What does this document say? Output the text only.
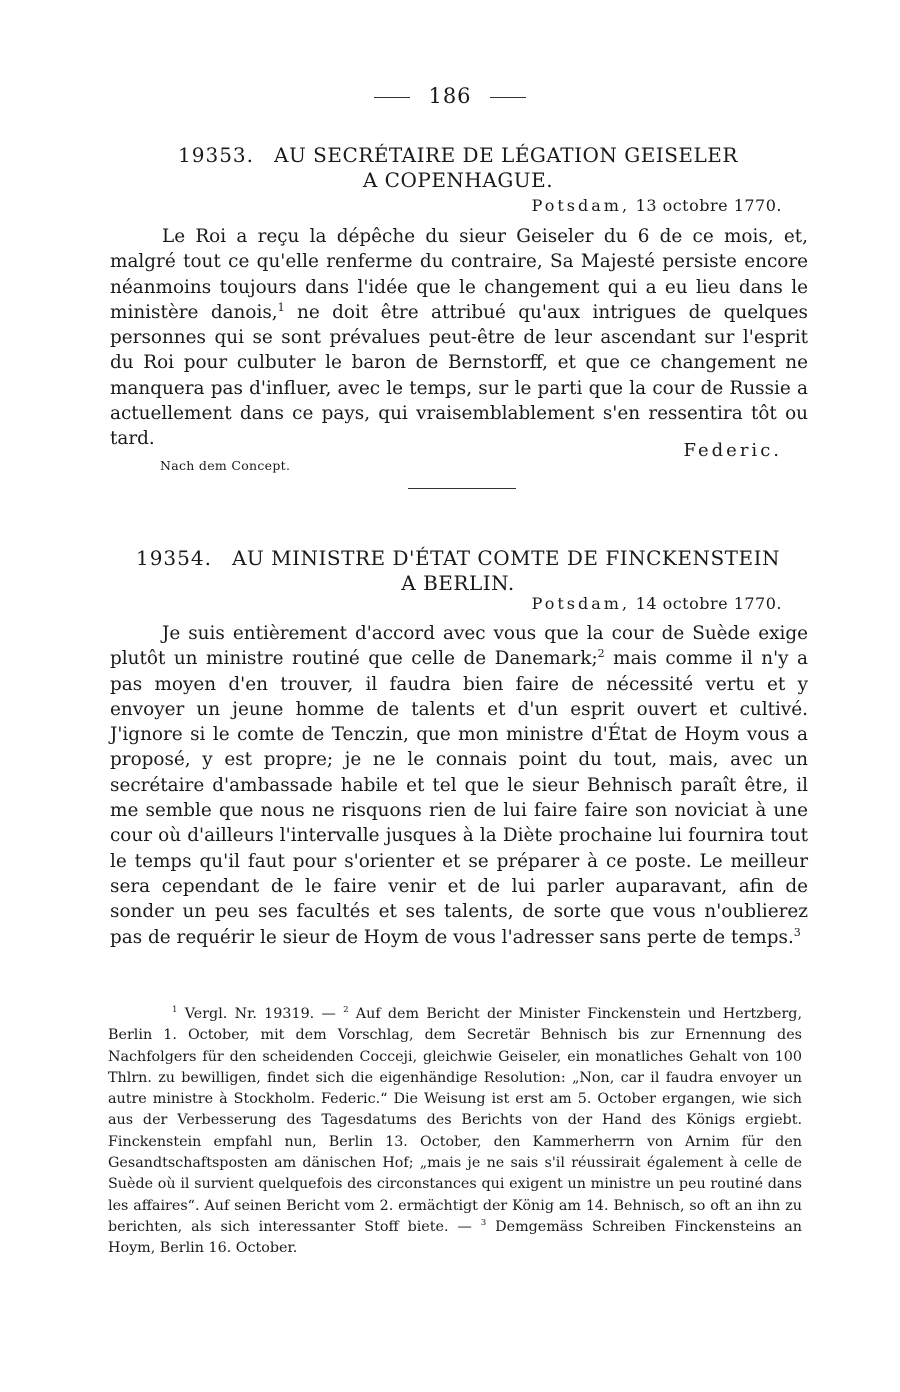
186
19353. AU SECRÉTAIRE DE LÉGATION GEISELER
A COPENHAGUE.
Potsdam, 13 octobre 1770.

Le Roi a reçu la dépêche du sieur Geiseler du 6 de ce mois, et, malgré tout ce qu'elle renferme du contraire, Sa Majesté persiste encore néanmoins toujours dans l'idée que le changement qui a eu lieu dans le ministère danois,$^1$ ne doit être attribué qu'aux intrigues de quelques personnes qui se sont prévalues peut-être de leur ascendant sur l'esprit du Roi pour culbuter le baron de Bernstorff, et que ce changement ne manquera pas d'influer, avec le temps, sur le parti que la cour de Russie a actuellement dans ce pays, qui vraisemblablement s'en ressentira tôt ou tard.

Federic.
Nach dem Concept.
19354. AU MINISTRE D'ÉTAT COMTE DE FINCKENSTEIN
A BERLIN.
Potsdam, 14 octobre 1770.

Je suis entièrement d'accord avec vous que la cour de Suède exige plutôt un ministre routiné que celle de Danemark;$^2$ mais comme il n'y a pas moyen d'en trouver, il faudra bien faire de nécessité vertu et y envoyer un jeune homme de talents et d'un esprit ouvert et cultivé. J'ignore si le comte de Tenczin, que mon ministre d'État de Hoym vous a proposé, y est propre; je ne le connais point du tout, mais, avec un secrétaire d'ambassade habile et tel que le sieur Behnisch paraît être, il me semble que nous ne risquons rien de lui faire faire son noviciat à une cour où d'ailleurs l'intervalle jusques à la Diète prochaine lui fournira tout le temps qu'il faut pour s'orienter et se préparer à ce poste. Le meilleur sera cependant de le faire venir et de lui parler auparavant, afin de sonder un peu ses facultés et ses talents, de sorte que vous n'oublierez pas de requérir le sieur de Hoym de vous l'adresser sans perte de temps.$^3$

$^1$ Vergl. Nr. 19319. — $^2$ Auf dem Bericht der Minister Finckenstein und Hertzberg, Berlin 1. October, mit dem Vorschlag, dem Secretär Behnisch bis zur Ernennung des Nachfolgers für den scheidenden Cocceji, gleichwie Geiseler, ein monatliches Gehalt von 100 Thlrn. zu bewilligen, findet sich die eigenhändige Resolution: „Non, car il faudra envoyer un autre ministre à Stockholm. Federic.“ Die Weisung ist erst am 5. October ergangen, wie sich aus der Verbesserung des Tagesdatums des Berichts von der Hand des Königs ergiebt. Finckenstein empfahl nun, Berlin 13. October, den Kammerherrn von Arnim für den Gesandtschaftsposten am dänischen Hof; „mais je ne sais s'il réussirait également à celle de Suède où il survient quelquefois des circonstances qui exigent un ministre un peu routiné dans les affaires“. Auf seinen Bericht vom 2. ermächtigt der König am 14. Behnisch, so oft an ihn zu berichten, als sich interessanter Stoff biete. — $^3$ Demgemäss Schreiben Finckensteins an Hoym, Berlin 16. October.
